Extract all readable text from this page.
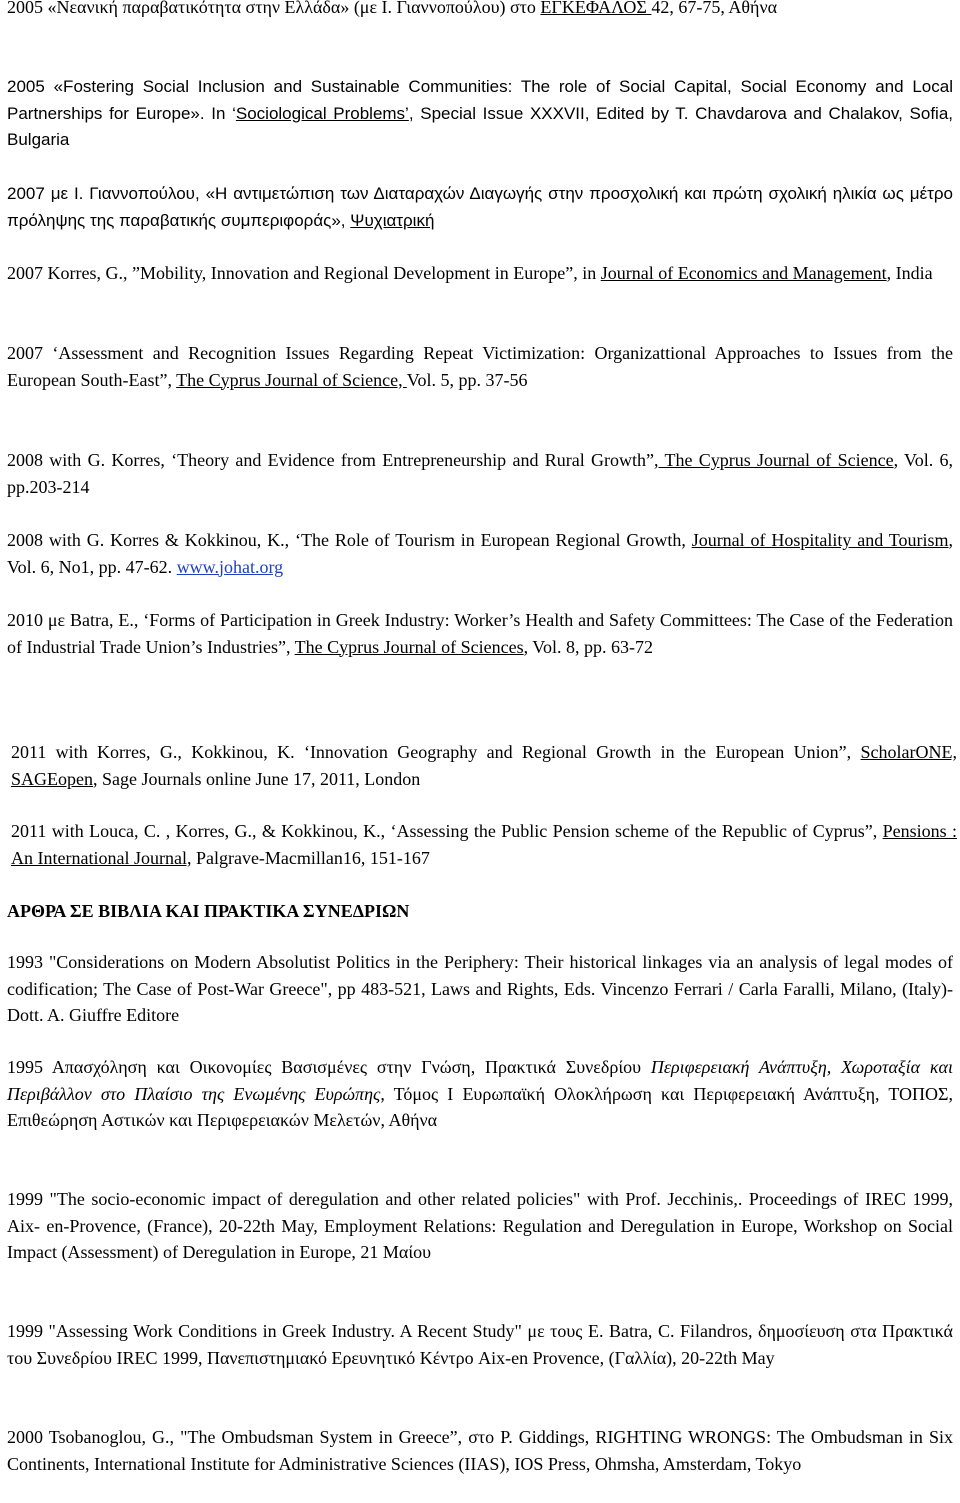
2005 «Νεανική παραβατικότητα στην Ελλάδα» (με Ι. Γιαννοπούλου) στο ΕΓΚΕΦΑΛΟΣ 42, 67-75, Αθήνα
2005 «Fostering Social Inclusion and Sustainable Communities: The role of Social Capital, Social Economy and Local Partnerships for Europe». In ‘Sociological Problems’, Special Issue XXXVII, Edited by T. Chavdarova and Chalakov, Sofia, Bulgaria
2007 με Ι. Γιαννοπούλου, «Η αντιμετώπιση των Διαταραχών Διαγωγής στην προσχολική και πρώτη σχολική ηλικία ως μέτρο πρόληψης της παραβατικής συμπεριφοράς», Ψυχιατρική
2007 Korres, G., ”Mobility, Innovation and Regional Development in Europe”, in Journal of Economics and Management, India
2007 ‘Assessment and Recognition Issues Regarding Repeat Victimization: Organizattional Approaches to Issues from the European South-East”, The Cyprus Journal of Science, Vol. 5, pp. 37-56
2008 with G. Korres, ‘Theory and Evidence from Entrepreneurship and Rural Growth”, The Cyprus Journal of Science, Vol. 6, pp.203-214
2008 with G. Korres & Kokkinou, K., ‘The Role of Tourism in European Regional Growth, Journal of Hospitality and Tourism, Vol. 6, No1, pp. 47-62. www.johat.org
2010 με Batra, E., ‘Forms of Participation in Greek Industry: Worker’s Health and Safety Committees: The Case of the Federation of Industrial Trade Union’s Industries”, The Cyprus Journal of Sciences, Vol. 8, pp. 63-72
2011 with Korres, G., Kokkinou, K. ‘Innovation Geography and Regional Growth in the European Union”, ScholarONE, SAGEopen, Sage Journals online June 17, 2011, London
2011 with Louca, C. , Korres, G., & Kokkinou, K., ‘Assessing the Public Pension scheme of the Republic of Cyprus”, Pensions : An International Journal, Palgrave-Macmillan16, 151-167
ΑΡΘΡΑ ΣΕ ΒΙΒΛΙΑ ΚΑΙ ΠΡΑΚΤΙΚΑ ΣΥΝΕΔΡΙΩΝ
1993 "Considerations on Modern Absolutist Politics in the Periphery: Their historical linkages via an analysis of legal modes of codification; The Case of Post-War Greece", pp 483-521, Laws and Rights, Eds. Vincenzo Ferrari / Carla Faralli, Milano, (Italy)-Dott. A. Giuffre Editore
1995 Απασχόληση και Οικονομίες Βασισμένες στην Γνώση, Πρακτικά Συνεδρίου Περιφερειακή Ανάπτυξη, Χωροταξία και Περιβάλλον στο Πλαίσιο της Ενωμένης Ευρώπης, Τόμος Ι Ευρωπαϊκή Ολοκλήρωση και Περιφερειακή Ανάπτυξη, ΤΟΠΟΣ, Επιθεώρηση Αστικών και Περιφερειακών Μελετών, Αθήνα
1999 "The socio-economic impact of deregulation and other related policies" with Prof. Jecchinis,. Proceedings of IREC 1999, Aix- en-Provence, (France), 20-22th May, Employment Relations: Regulation and Deregulation in Europe, Workshop on Social Impact (Assessment) of Deregulation in Europe, 21 Μαίου
1999 "Assessing Work Conditions in Greek Industry. A Recent Study" με τους E. Batra, C. Filandros, δημοσίευση στα Πρακτικά του Συνεδρίου IREC 1999, Πανεπιστημιακό Ερευνητικό Κέντρο Aix-en Provence, (Γαλλία), 20-22th May
2000 Tsobanoglou, G., "The Ombudsman System in Greece”, στο P. Giddings, RIGHTING WRONGS: The Ombudsman in Six Continents, International Institute for Administrative Sciences (IIAS), IOS Press, Ohmsha, Amsterdam, Tokyo
